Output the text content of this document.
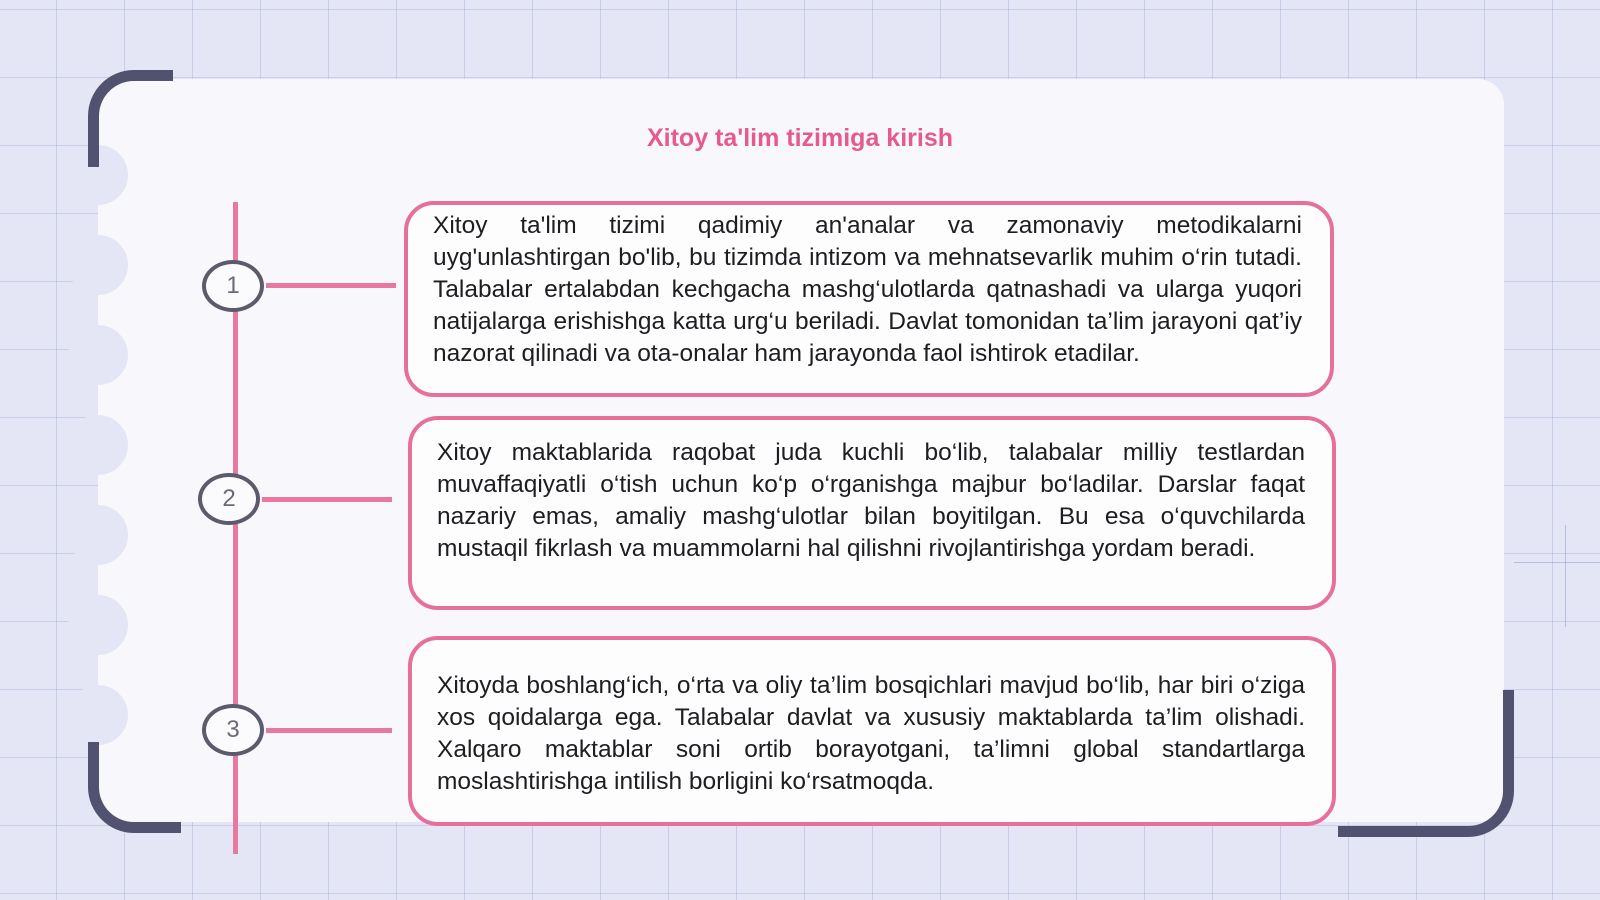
Xitoy ta'lim tizimiga kirish
1
2
3

Xitoy ta'lim tizimi qadimiy an'analar va zamonaviy metodikalarni uyg'unlashtirgan bo'lib, bu tizimda intizom va mehnatsevarlik muhim o‘rin tutadi. Talabalar ertalabdan kechgacha mashg‘ulotlarda qatnashadi va ularga yuqori natijalarga erishishga katta urg‘u beriladi. Davlat tomonidan ta’lim jarayoni qat’iy nazorat qilinadi va ota-onalar ham jarayonda faol ishtirok etadilar.

Xitoy maktablarida raqobat juda kuchli bo‘lib, talabalar milliy testlardan muvaffaqiyatli o‘tish uchun ko‘p o‘rganishga majbur bo‘ladilar. Darslar faqat nazariy emas, amaliy mashg‘ulotlar bilan boyitilgan. Bu esa o‘quvchilarda mustaqil fikrlash va muammolarni hal qilishni rivojlantirishga yordam beradi.

Xitoyda boshlang‘ich, o‘rta va oliy ta’lim bosqichlari mavjud bo‘lib, har biri o‘ziga xos qoidalarga ega. Talabalar davlat va xususiy maktablarda ta’lim olishadi. Xalqaro maktablar soni ortib borayotgani, ta’limni global standartlarga moslashtirishga intilish borligini ko‘rsatmoqda.
